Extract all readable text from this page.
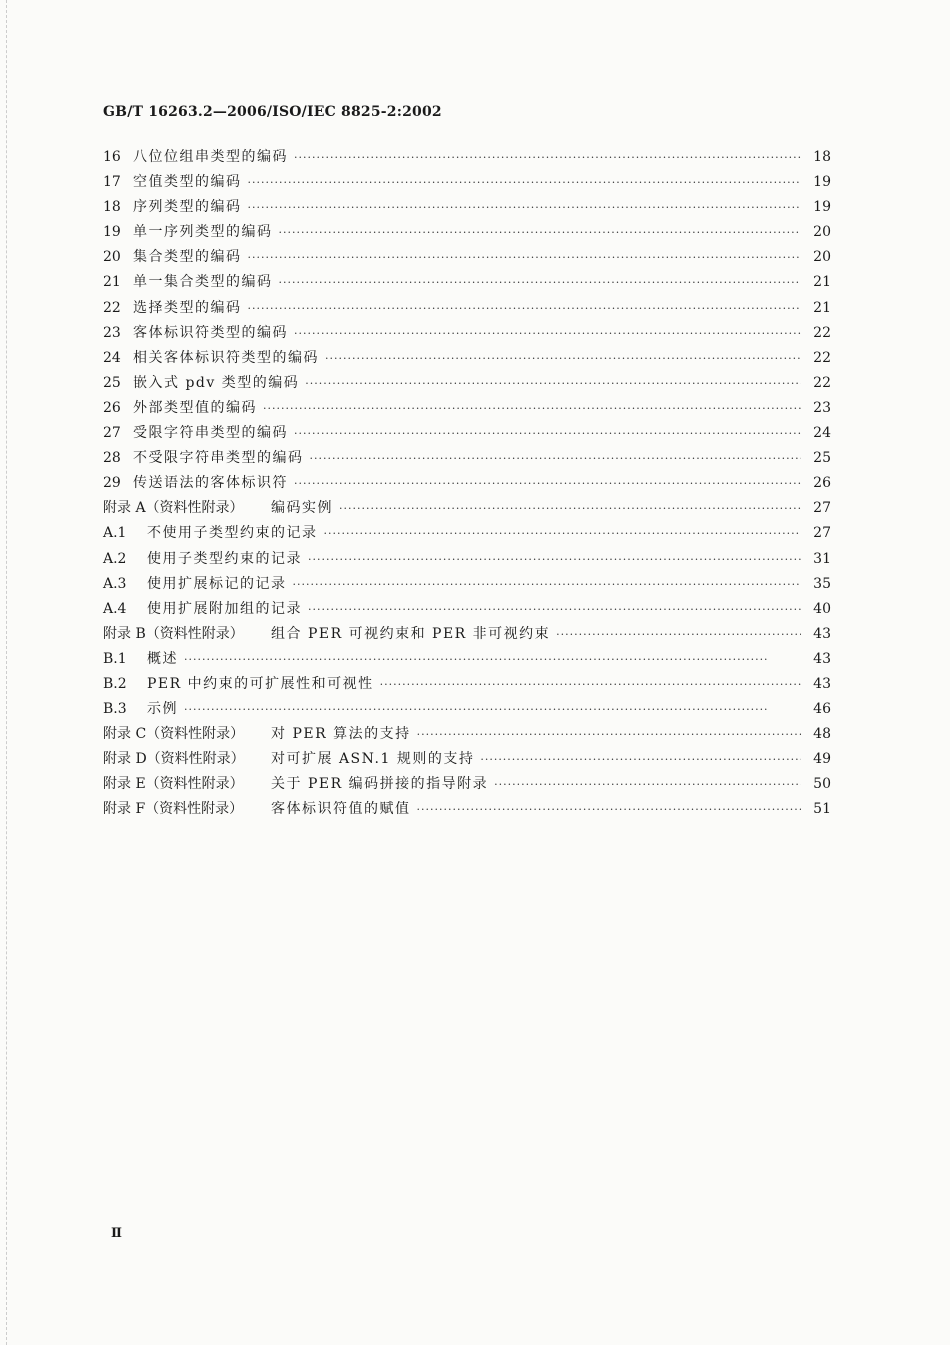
GB/T 16263.2—2006/ISO/IEC 8825-2:2002
16 八位位组串类型的编码 ·····	18
17 空值类型的编码 ·····	19
18 序列类型的编码 ·····	19
19 单一序列类型的编码 ·····	20
20 集合类型的编码 ·····	20
21 单一集合类型的编码 ·····	21
22 选择类型的编码 ·····	21
23 客体标识符类型的编码 ·····	22
24 相关客体标识符类型的编码 ·····	22
25 嵌入式 pdv 类型的编码 ·····	22
26 外部类型值的编码 ·····	23
27 受限字符串类型的编码 ·····	24
28 不受限字符串类型的编码 ·····	25
29 传送语法的客体标识符 ·····	26
附录 A（资料性附录）	编码实例 ·····	27
A.1	不使用子类型约束的记录 ·····	27
A.2	使用子类型约束的记录 ·····	31
A.3	使用扩展标记的记录 ·····	35
A.4	使用扩展附加组的记录 ·····	40
附录 B（资料性附录）	组合 PER 可视约束和 PER 非可视约束 ·····	43
B.1	概述 ·····	43
B.2	PER 中约束的可扩展性和可视性 ·····	43
B.3	示例 ·····	46
附录 C（资料性附录）	对 PER 算法的支持 ·····	48
附录 D（资料性附录）	对可扩展 ASN.1 规则的支持 ·····	49
附录 E（资料性附录）	关于 PER 编码拼接的指导附录 ·····	50
附录 F（资料性附录）	客体标识符值的赋值 ·····	51
Ⅱ
